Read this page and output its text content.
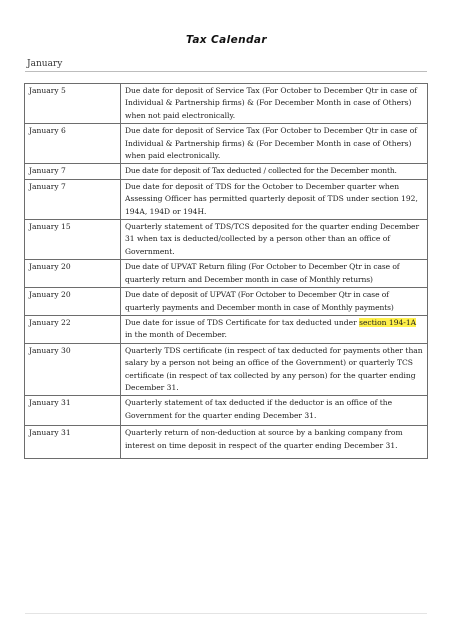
Tax Calendar
January
January 5	Due date for deposit of Service Tax (For October to December Qtr in case of Individual & Partnership firms) & (For December Month in case of Others) when not paid electronically.
January 6	Due date for deposit of Service Tax (For October to December Qtr in case of Individual & Partnership firms) & (For December Month in case of Others) when paid electronically.
January 7	Due date for deposit of Tax deducted / collected for the December month.
January 7	Due date for deposit of TDS for the October to December quarter when Assessing Officer has permitted quarterly deposit of TDS under section 192, 194A, 194D or 194H.
January 15	Quarterly statement of TDS/TCS deposited for the quarter ending December 31 when tax is deducted/collected by a person other than an office of Government.
January 20	Due date of UPVAT Return filing (For October to December Qtr in case of quarterly return and December month in case of Monthly returns)
January 20	Due date of deposit of UPVAT (For October to December Qtr in case of quarterly payments and December month in case of Monthly payments)
January 22	Due date for issue of TDS Certificate for tax deducted under section 194-1A in the month of December.
January 30	Quarterly TDS certificate (in respect of tax deducted for payments other than salary by a person not being an office of the Government) or quarterly TCS certificate (in respect of tax collected by any person) for the quarter ending December 31.
January 31	Quarterly statement of tax deducted if the deductor is an office of the Government for the quarter ending December 31.
January 31	Quarterly return of non-deduction at source by a banking company from interest on time deposit in respect of the quarter ending December 31.
